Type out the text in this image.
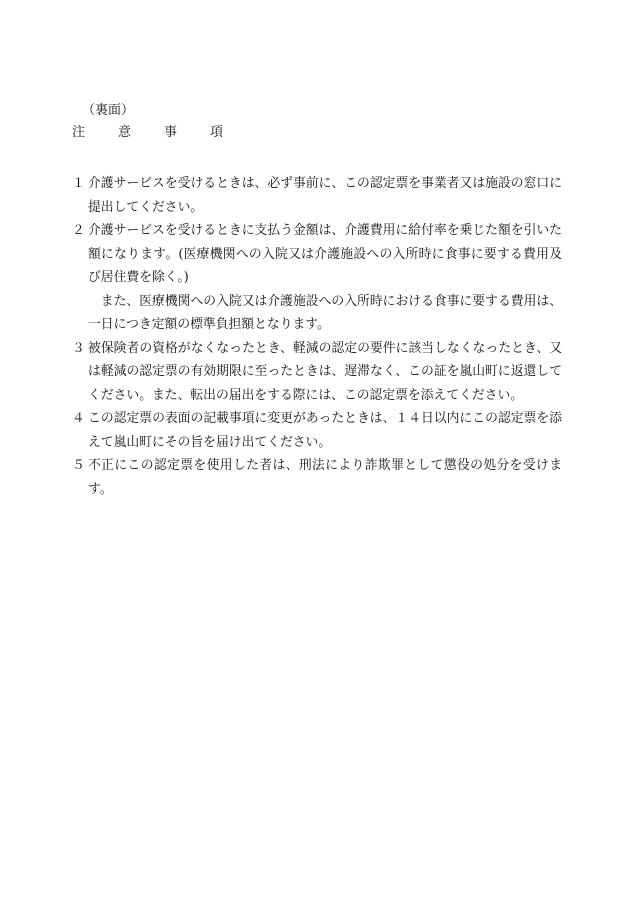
（裏面）
注　意　事　項
１ 介護サービスを受けるときは、必ず事前に、この認定票を事業者又は施設の窓口に提出してください。
２ 介護サービスを受けるときに支払う金額は、介護費用に給付率を乗じた額を引いた額になります。(医療機関への入院又は介護施設への入所時に食事に要する費用及び居住費を除く。)
また、医療機関への入院又は介護施設への入所時における食事に要する費用は、一日につき定額の標準負担額となります。
３ 被保険者の資格がなくなったとき、軽減の認定の要件に該当しなくなったとき、又は軽減の認定票の有効期限に至ったときは、遅滞なく、この証を嵐山町に返還してください。また、転出の届出をする際には、この認定票を添えてください。
４ この認定票の表面の記載事項に変更があったときは、１４日以内にこの認定票を添えて嵐山町にその旨を届け出てください。
５ 不正にこの認定票を使用した者は、刑法により詐欺罪として懲役の処分を受けます。
